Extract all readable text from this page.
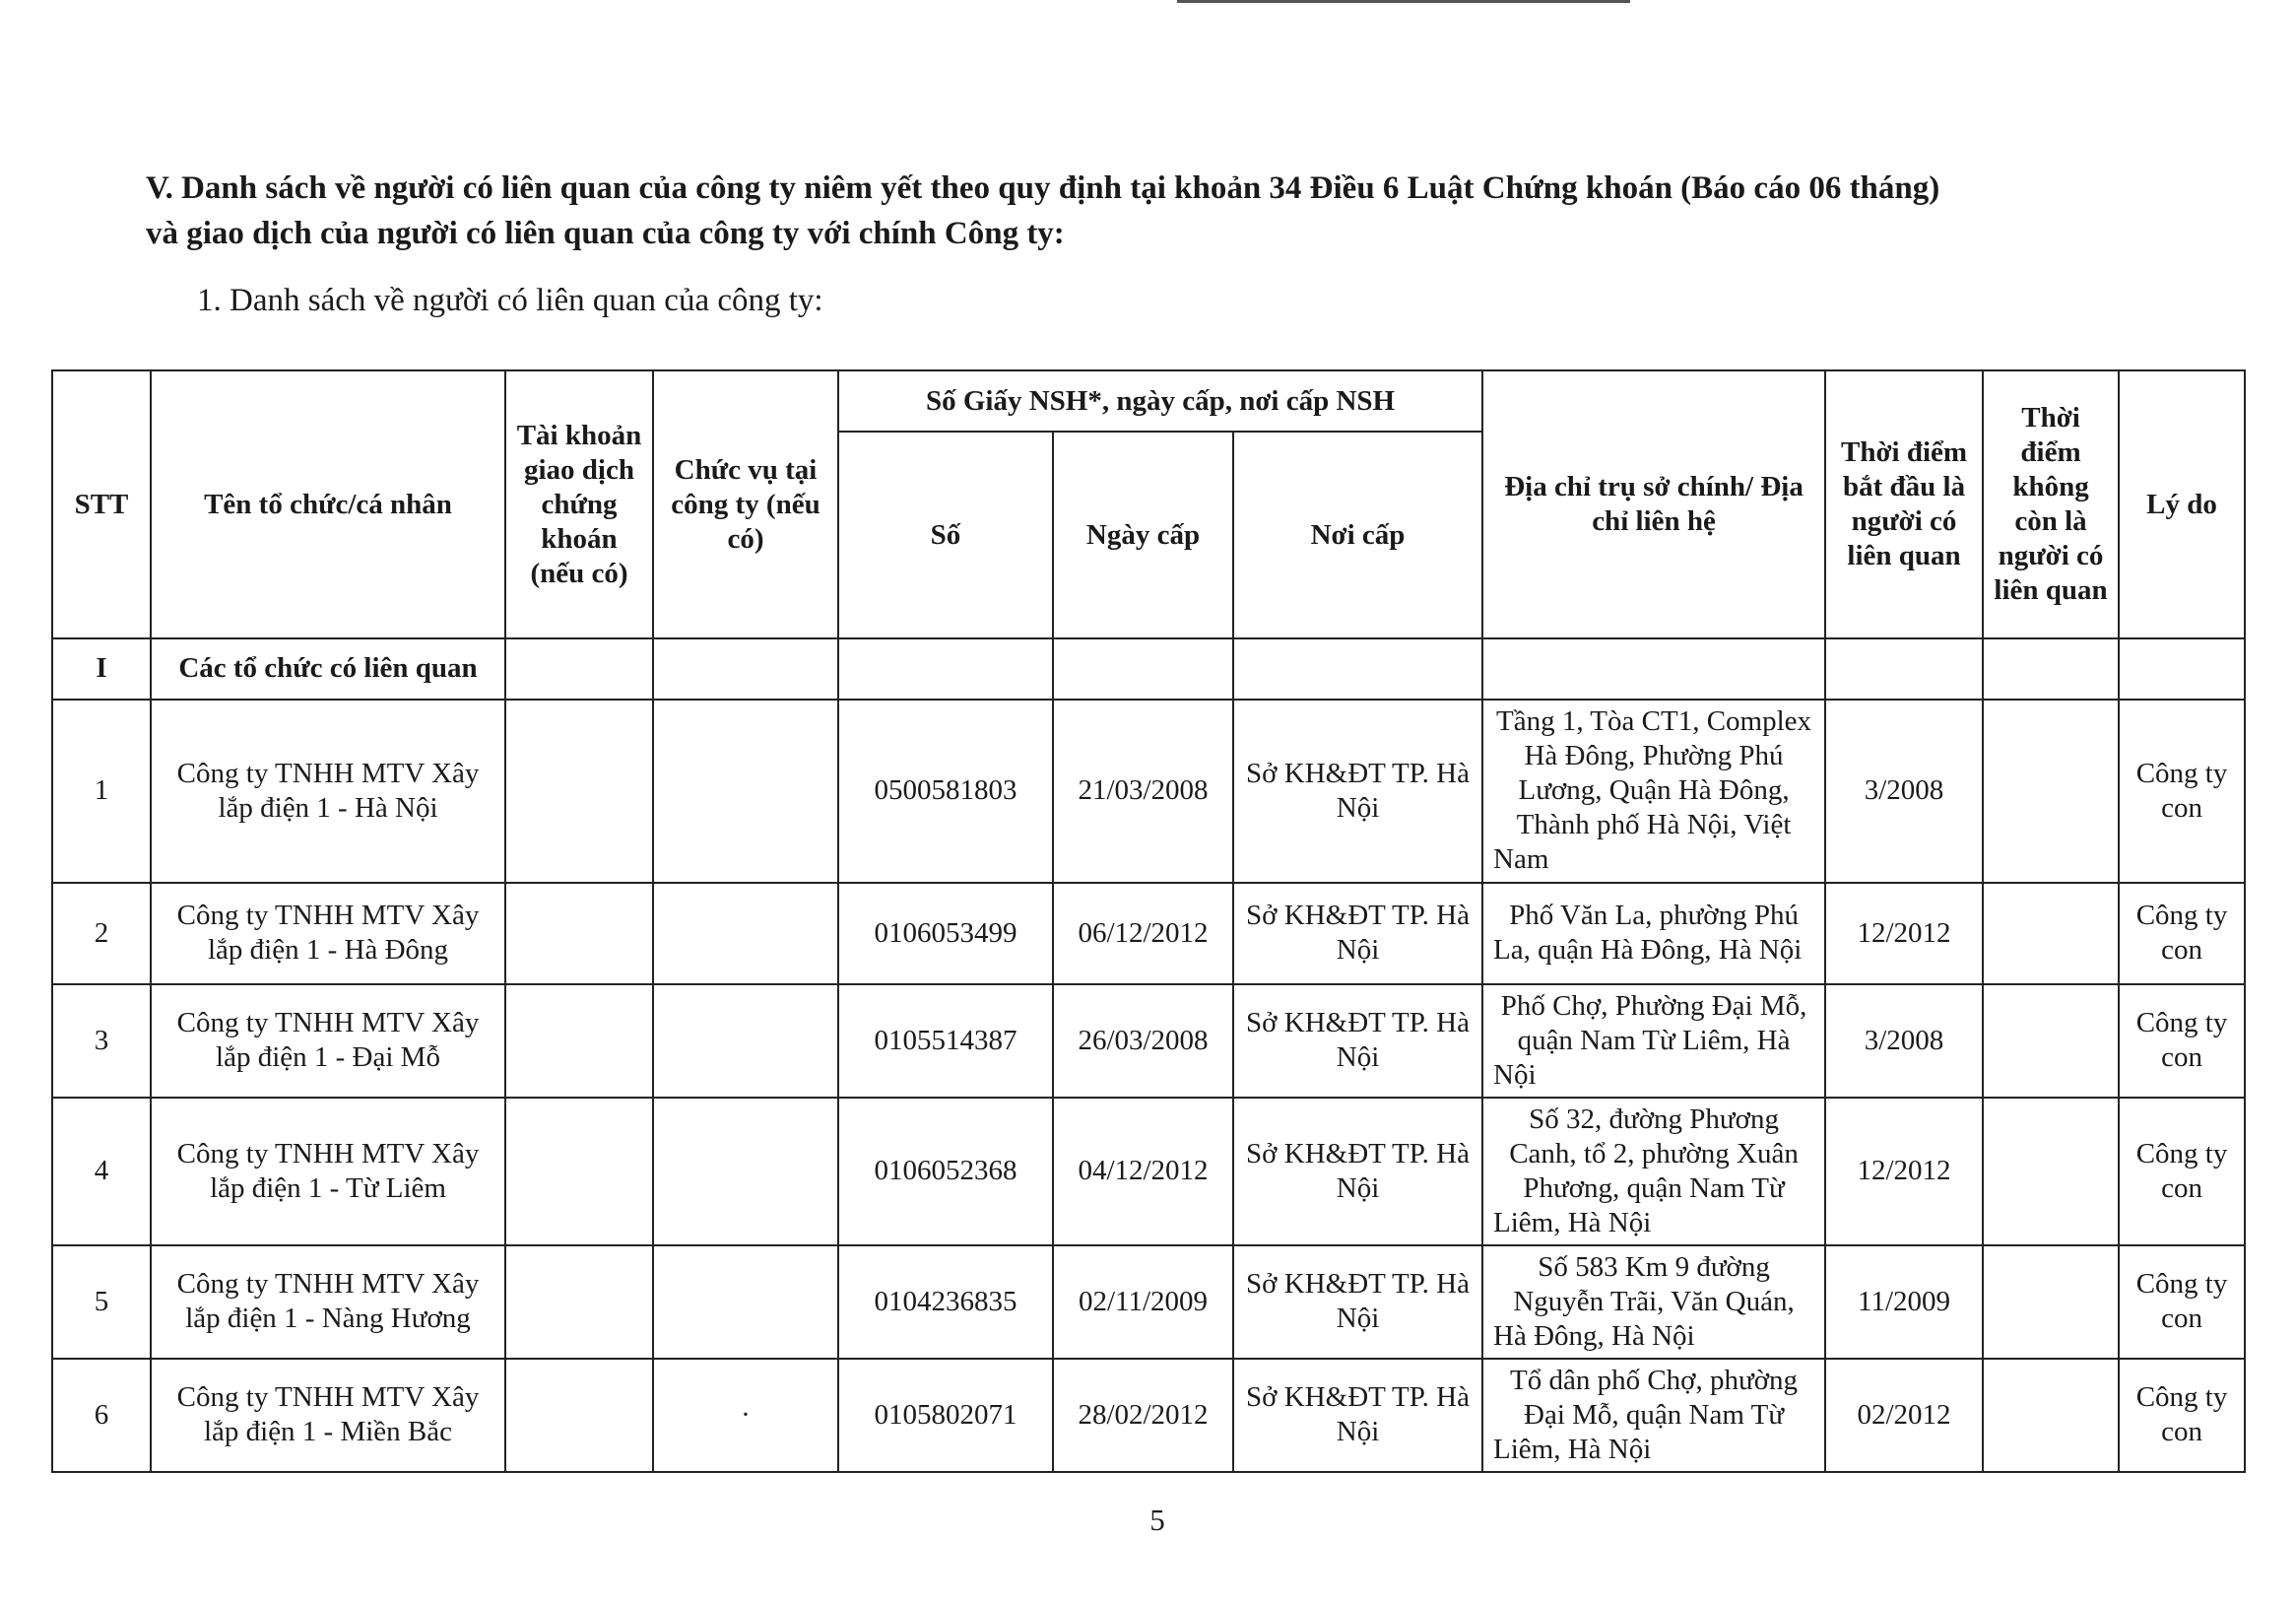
V. Danh sách về người có liên quan của công ty niêm yết theo quy định tại khoản 34 Điều 6 Luật Chứng khoán (Báo cáo 06 tháng)
và giao dịch của người có liên quan của công ty với chính Công ty:
1. Danh sách về người có liên quan của công ty:
STT	Tên tổ chức/cá nhân	Tài khoản giao dịch chứng khoán (nếu có)	Chức vụ tại công ty (nếu có)	Số Giấy NSH*, ngày cấp, nơi cấp NSH			Địa chỉ trụ sở chính/ Địa chỉ liên hệ	Thời điểm bắt đầu là người có liên quan	Thời điểm không còn là người có liên quan	Lý do
				Số	Ngày cấp	Nơi cấp				
I	Các tổ chức có liên quan									
1	Công ty TNHH MTV Xây lắp điện 1 - Hà Nội			0500581803	21/03/2008	Sở KH&ĐT TP. Hà Nội	Tầng 1, Tòa CT1, Complex Hà Đông, Phường Phú Lương, Quận Hà Đông, Thành phố Hà Nội, Việt Nam	3/2008		Công ty con
2	Công ty TNHH MTV Xây lắp điện 1 - Hà Đông			0106053499	06/12/2012	Sở KH&ĐT TP. Hà Nội	Phố Văn La, phường Phú La, quận Hà Đông, Hà Nội	12/2012		Công ty con
3	Công ty TNHH MTV Xây lắp điện 1 - Đại Mỗ			0105514387	26/03/2008	Sở KH&ĐT TP. Hà Nội	Phố Chợ, Phường Đại Mỗ, quận Nam Từ Liêm, Hà Nội	3/2008		Công ty con
4	Công ty TNHH MTV Xây lắp điện 1 - Từ Liêm			0106052368	04/12/2012	Sở KH&ĐT TP. Hà Nội	Số 32, đường Phương Canh, tổ 2, phường Xuân Phương, quận Nam Từ Liêm, Hà Nội	12/2012		Công ty con
5	Công ty TNHH MTV Xây lắp điện 1 - Nàng Hương			0104236835	02/11/2009	Sở KH&ĐT TP. Hà Nội	Số 583 Km 9 đường Nguyễn Trãi, Văn Quán, Hà Đông, Hà Nội	11/2009		Công ty con
6	Công ty TNHH MTV Xây lắp điện 1 - Miền Bắc		·	0105802071	28/02/2012	Sở KH&ĐT TP. Hà Nội	Tổ dân phố Chợ, phường Đại Mỗ, quận Nam Từ Liêm, Hà Nội	02/2012		Công ty con
5
